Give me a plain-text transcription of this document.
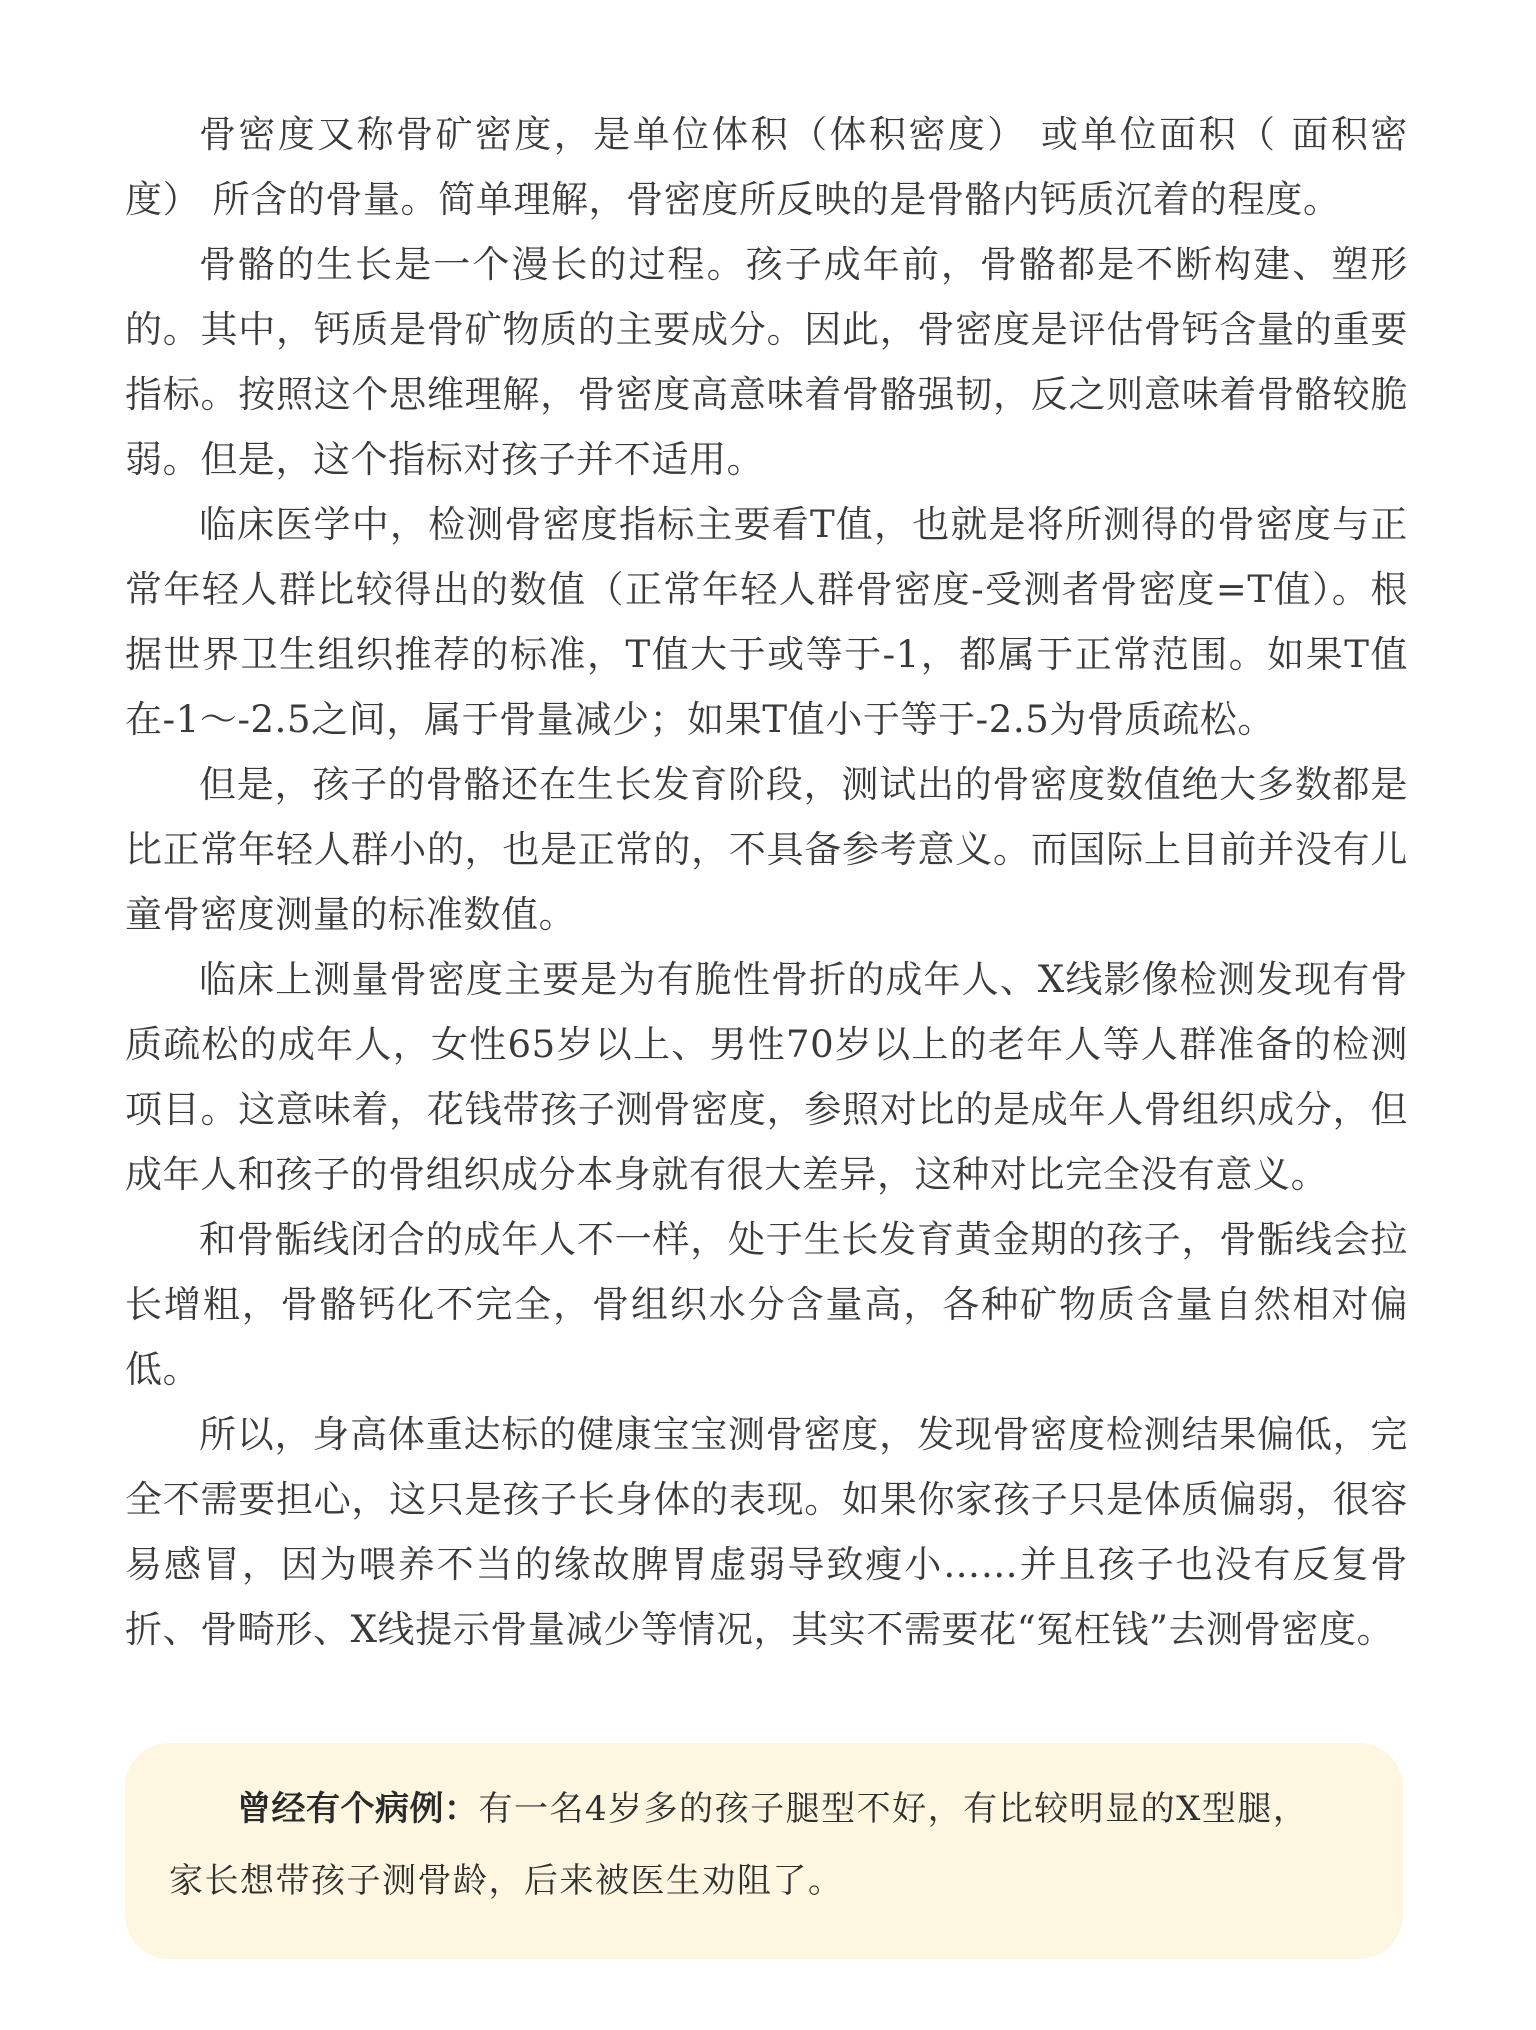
骨密度又称骨矿密度，是单位体积（体积密度） 或单位面积（ 面积密度） 所含的骨量。简单理解，骨密度所反映的是骨骼内钙质沉着的程度。

骨骼的生长是一个漫长的过程。孩子成年前，骨骼都是不断构建、塑形的。其中，钙质是骨矿物质的主要成分。因此，骨密度是评估骨钙含量的重要指标。按照这个思维理解，骨密度高意味着骨骼强韧，反之则意味着骨骼较脆弱。但是，这个指标对孩子并不适用。

临床医学中，检测骨密度指标主要看T值，也就是将所测得的骨密度与正常年轻人群比较得出的数值（正常年轻人群骨密度-受测者骨密度=T值）。根据世界卫生组织推荐的标准，T值大于或等于-1，都属于正常范围。如果T值在-1～-2.5之间，属于骨量减少；如果T值小于等于-2.5为骨质疏松。

但是，孩子的骨骼还在生长发育阶段，测试出的骨密度数值绝大多数都是比正常年轻人群小的，也是正常的，不具备参考意义。而国际上目前并没有儿童骨密度测量的标准数值。

临床上测量骨密度主要是为有脆性骨折的成年人、X线影像检测发现有骨质疏松的成年人，女性65岁以上、男性70岁以上的老年人等人群准备的检测项目。这意味着，花钱带孩子测骨密度，参照对比的是成年人骨组织成分，但成年人和孩子的骨组织成分本身就有很大差异，这种对比完全没有意义。

和骨骺线闭合的成年人不一样，处于生长发育黄金期的孩子，骨骺线会拉长增粗，骨骼钙化不完全，骨组织水分含量高，各种矿物质含量自然相对偏低。

所以，身高体重达标的健康宝宝测骨密度，发现骨密度检测结果偏低，完全不需要担心，这只是孩子长身体的表现。如果你家孩子只是体质偏弱，很容易感冒，因为喂养不当的缘故脾胃虚弱导致瘦小……并且孩子也没有反复骨折、骨畸形、X线提示骨量减少等情况，其实不需要花“冤枉钱”去测骨密度。

曾经有个病例：有一名4岁多的孩子腿型不好，有比较明显的X型腿，家长想带孩子测骨龄，后来被医生劝阻了。
